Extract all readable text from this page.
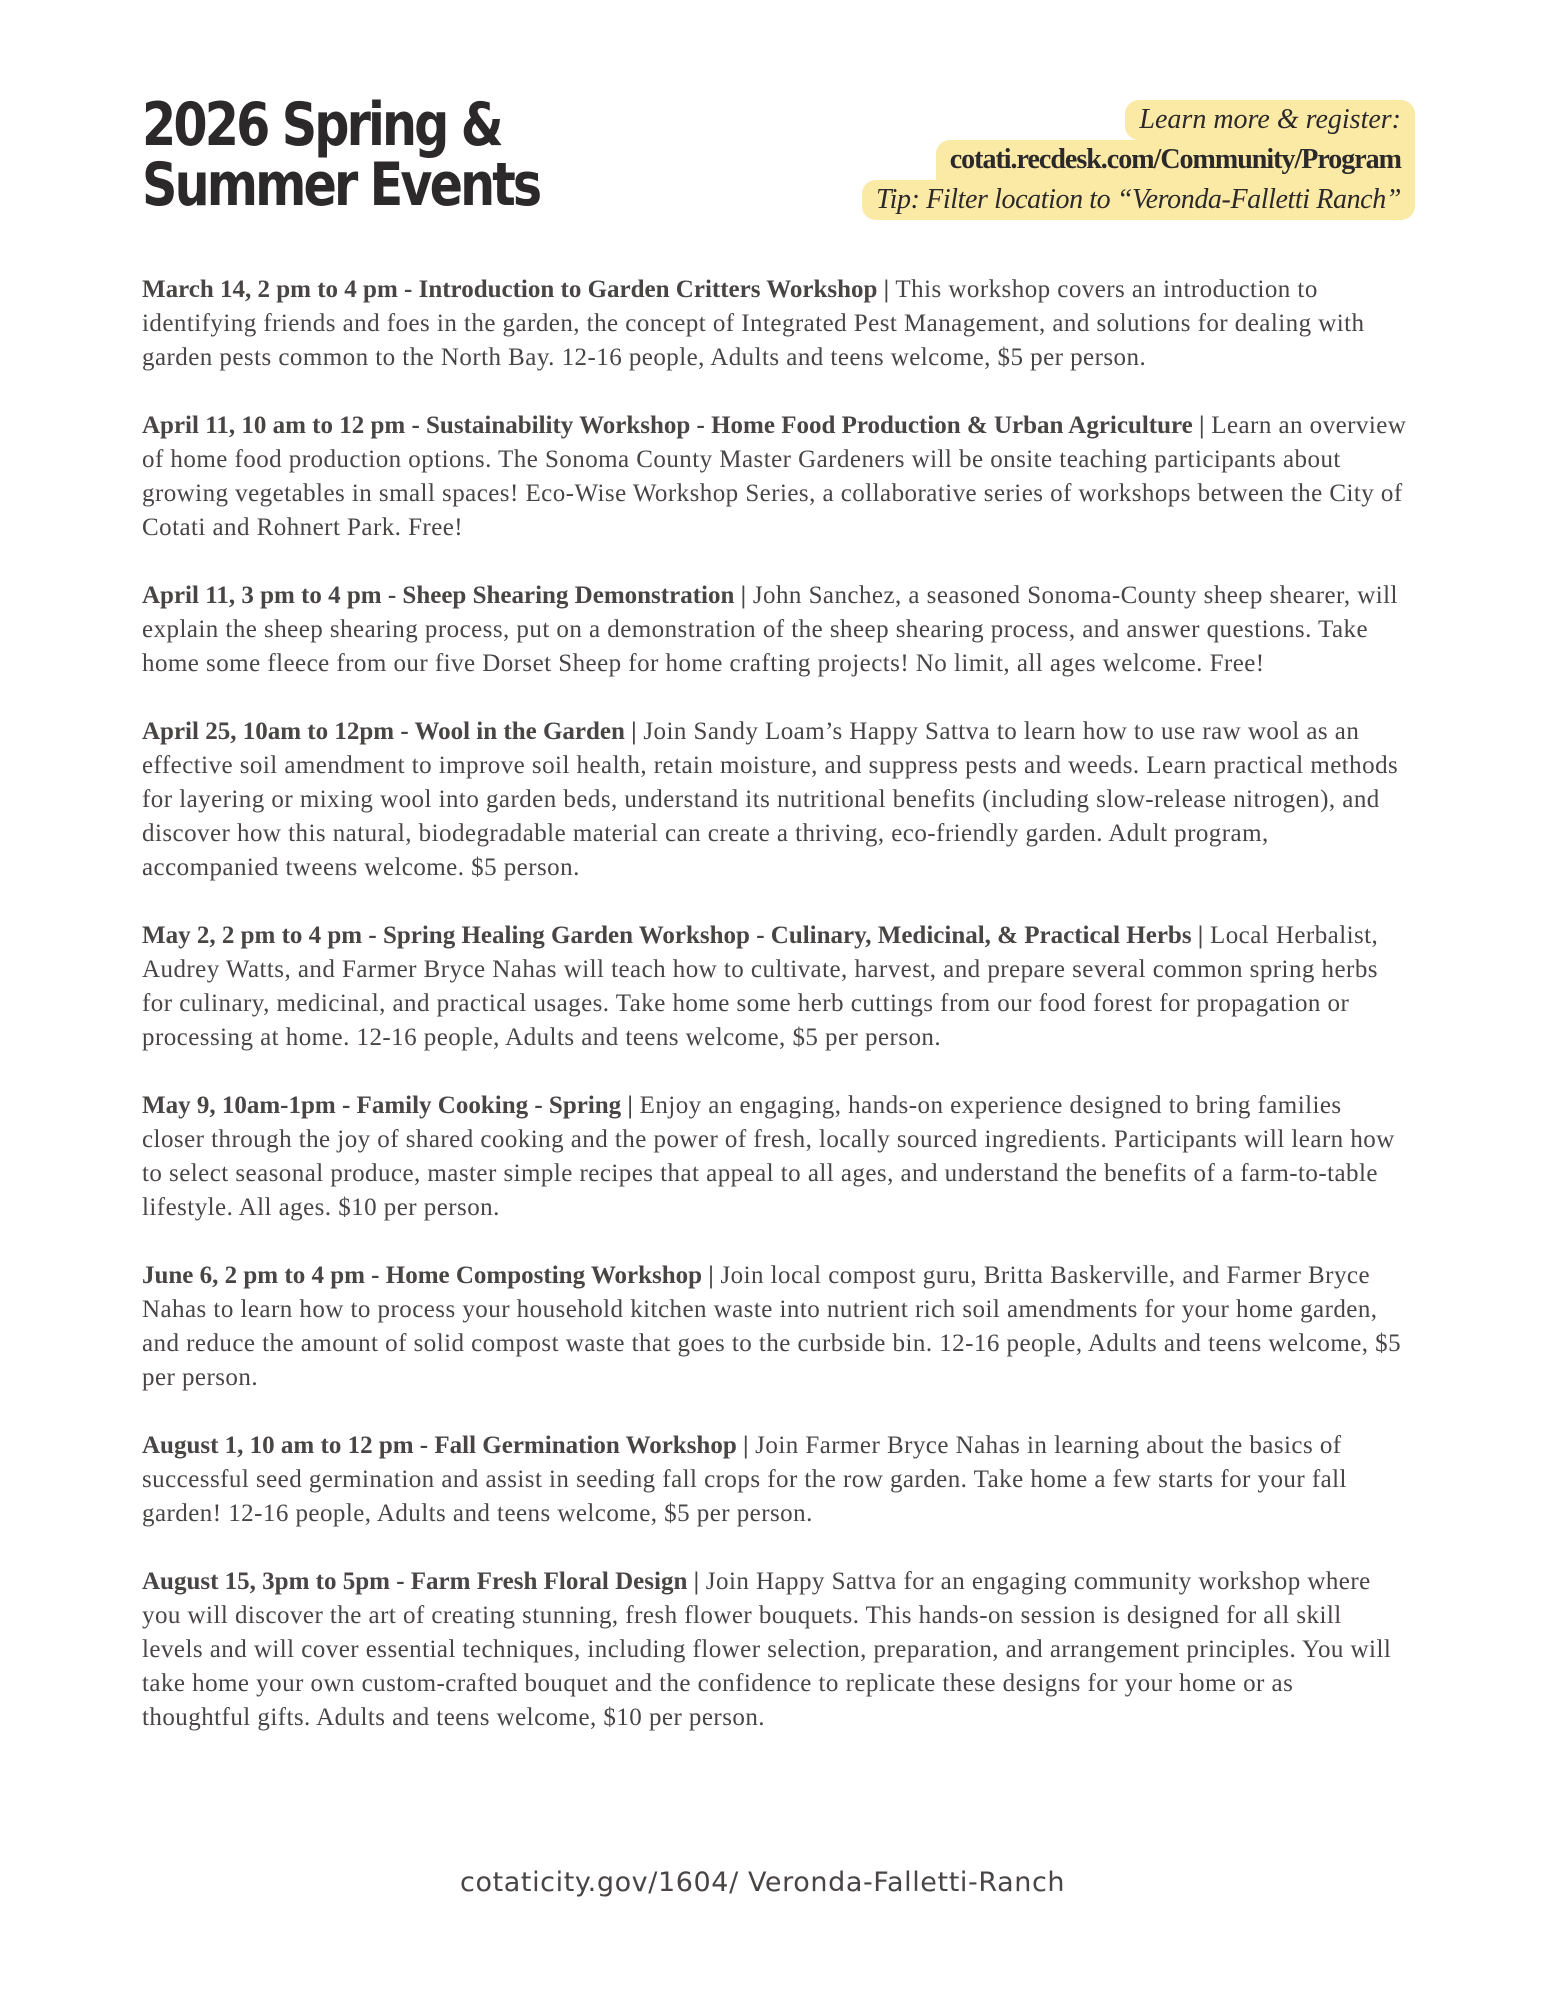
2026 Spring & Summer Events
Learn more & register:
cotati.recdesk.com/Community/Program
Tip: Filter location to “Veronda-Falletti Ranch”

March 14, 2 pm to 4 pm - Introduction to Garden Critters Workshop | This workshop covers an introduction to identifying friends and foes in the garden, the concept of Integrated Pest Management, and solutions for dealing with garden pests common to the North Bay. 12-16 people, Adults and teens welcome, $5 per person.

April 11, 10 am to 12 pm - Sustainability Workshop - Home Food Production & Urban Agriculture | Learn an overview of home food production options. The Sonoma County Master Gardeners will be onsite teaching participants about growing vegetables in small spaces! Eco-Wise Workshop Series, a collaborative series of workshops between the City of Cotati and Rohnert Park. Free!

April 11, 3 pm to 4 pm - Sheep Shearing Demonstration | John Sanchez, a seasoned Sonoma-County sheep shearer, will explain the sheep shearing process, put on a demonstration of the sheep shearing process, and answer questions. Take home some fleece from our five Dorset Sheep for home crafting projects! No limit, all ages welcome. Free!

April 25, 10am to 12pm - Wool in the Garden | Join Sandy Loam’s Happy Sattva to learn how to use raw wool as an effective soil amendment to improve soil health, retain moisture, and suppress pests and weeds. Learn practical methods for layering or mixing wool into garden beds, understand its nutritional benefits (including slow-release nitrogen), and discover how this natural, biodegradable material can create a thriving, eco-friendly garden. Adult program, accompanied tweens welcome. $5 person.

May 2, 2 pm to 4 pm - Spring Healing Garden Workshop - Culinary, Medicinal, & Practical Herbs | Local Herbalist, Audrey Watts, and Farmer Bryce Nahas will teach how to cultivate, harvest, and prepare several common spring herbs for culinary, medicinal, and practical usages. Take home some herb cuttings from our food forest for propagation or processing at home. 12-16 people, Adults and teens welcome, $5 per person.

May 9, 10am-1pm - Family Cooking - Spring | Enjoy an engaging, hands-on experience designed to bring families closer through the joy of shared cooking and the power of fresh, locally sourced ingredients. Participants will learn how to select seasonal produce, master simple recipes that appeal to all ages, and understand the benefits of a farm-to-table lifestyle. All ages. $10 per person.

June 6, 2 pm to 4 pm - Home Composting Workshop | Join local compost guru, Britta Baskerville, and Farmer Bryce Nahas to learn how to process your household kitchen waste into nutrient rich soil amendments for your home garden, and reduce the amount of solid compost waste that goes to the curbside bin. 12-16 people, Adults and teens welcome, $5 per person.

August 1, 10 am to 12 pm - Fall Germination Workshop | Join Farmer Bryce Nahas in learning about the basics of successful seed germination and assist in seeding fall crops for the row garden. Take home a few starts for your fall garden! 12-16 people, Adults and teens welcome, $5 per person.

August 15, 3pm to 5pm - Farm Fresh Floral Design | Join Happy Sattva for an engaging community workshop where you will discover the art of creating stunning, fresh flower bouquets. This hands-on session is designed for all skill levels and will cover essential techniques, including flower selection, preparation, and arrangement principles. You will take home your own custom-crafted bouquet and the confidence to replicate these designs for your home or as thoughtful gifts. Adults and teens welcome, $10 per person.

cotaticity.gov/1604/ Veronda-Falletti-Ranch
